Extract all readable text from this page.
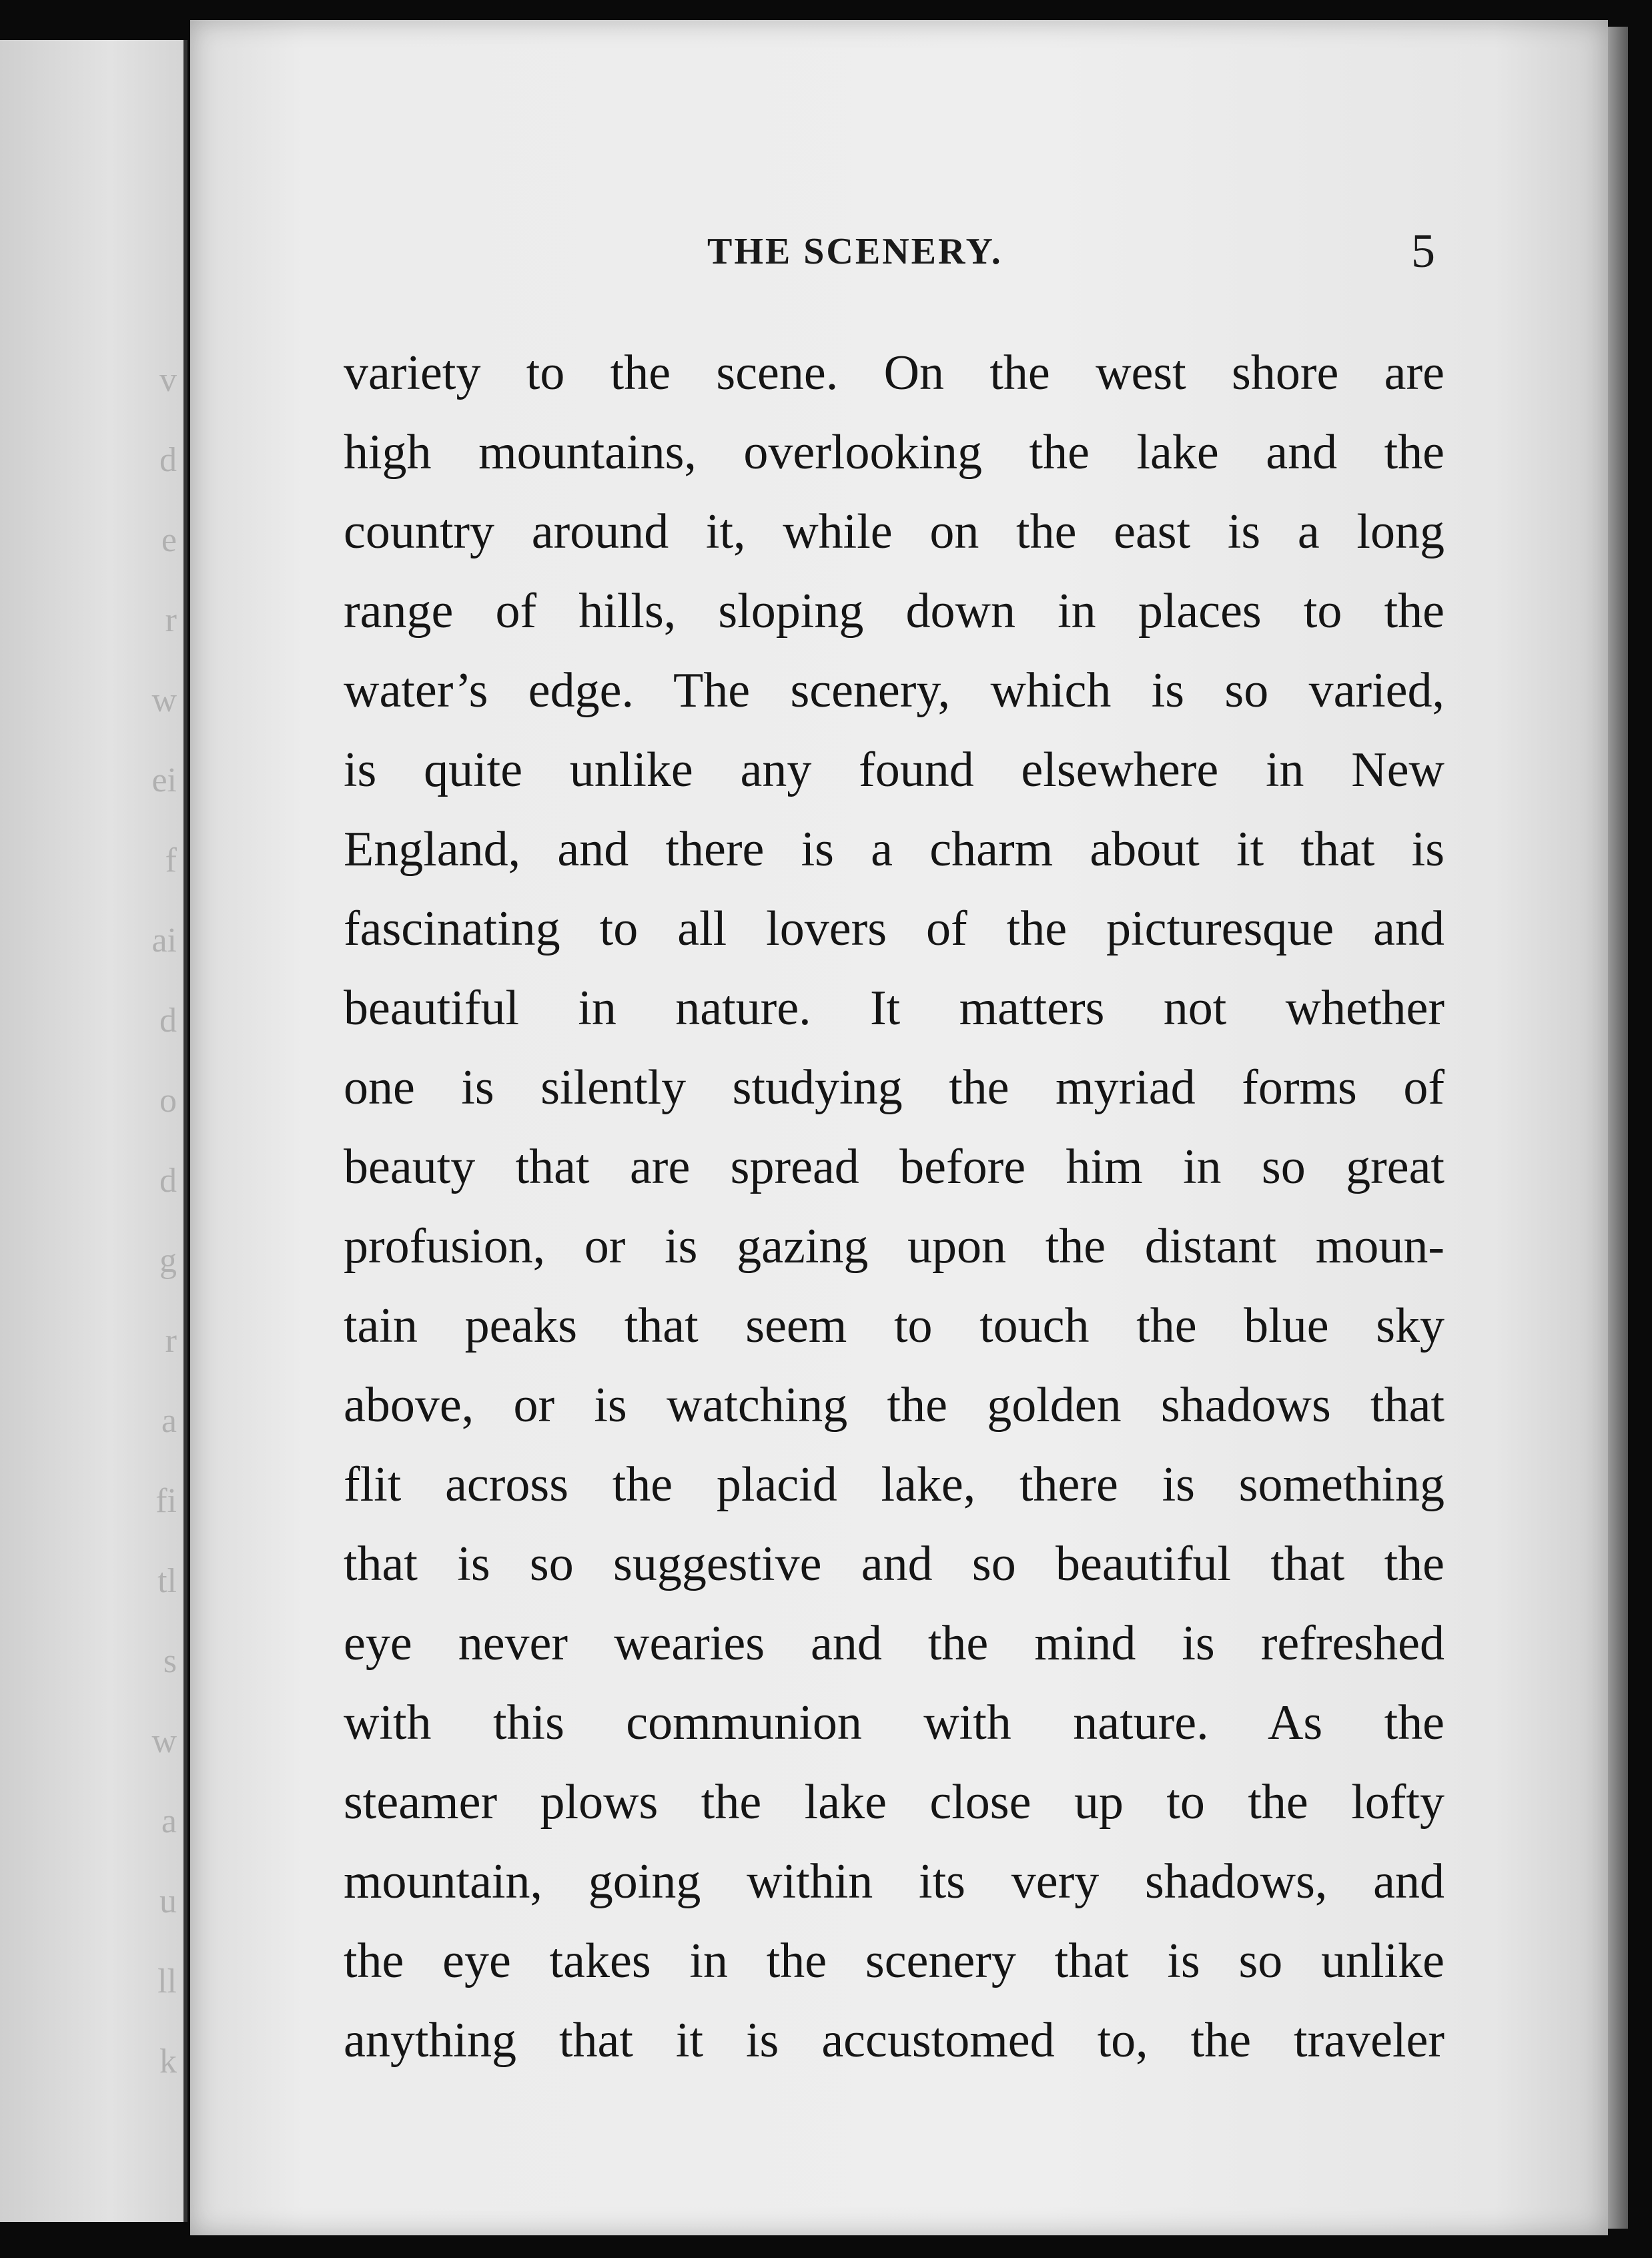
v
d
e
r
w
ei
f
ai
d
o
d
g
r
a
fi
tl
s
w
a
u
ll
k
THE SCENERY.	5
variety to the scene. On the west shore are
high mountains, overlooking the lake and the
country around it, while on the east is a long
range of hills, sloping down in places to the
water’s edge. The scenery, which is so varied,
is quite unlike any found elsewhere in New
England, and there is a charm about it that is
fascinating to all lovers of the picturesque and
beautiful in nature. It matters not whether
one is silently studying the myriad forms of
beauty that are spread before him in so great
profusion, or is gazing upon the distant moun-
tain peaks that seem to touch the blue sky
above, or is watching the golden shadows that
flit across the placid lake, there is something
that is so suggestive and so beautiful that the
eye never wearies and the mind is refreshed
with this communion with nature. As the
steamer plows the lake close up to the lofty
mountain, going within its very shadows, and
the eye takes in the scenery that is so unlike
anything that it is accustomed to, the traveler
